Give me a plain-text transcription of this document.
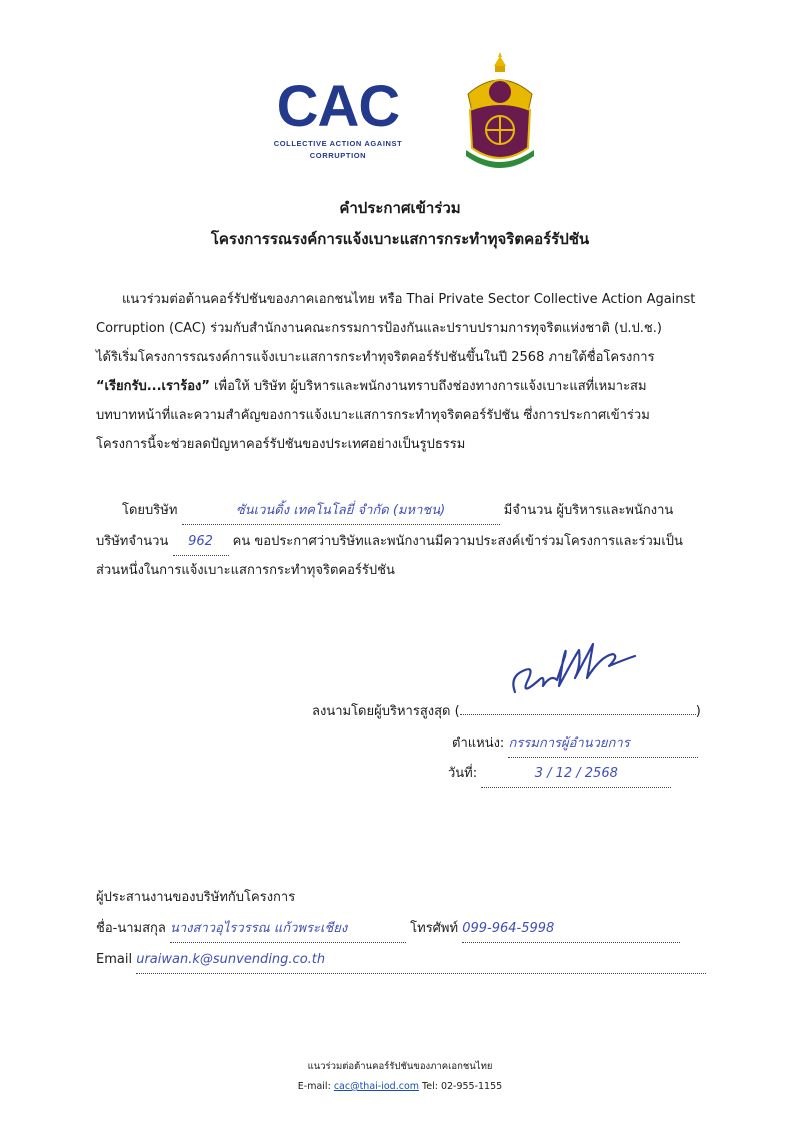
CAC
COLLECTIVE ACTION AGAINST
CORRUPTION
คำประกาศเข้าร่วม
โครงการรณรงค์การแจ้งเบาะแสการกระทำทุจริตคอร์รัปชัน
แนวร่วมต่อต้านคอร์รัปชันของภาคเอกชนไทย หรือ Thai Private Sector Collective Action Against
Corruption (CAC) ร่วมกับสำนักงานคณะกรรมการป้องกันและปราบปรามการทุจริตแห่งชาติ (ป.ป.ช.)
ได้ริเริ่มโครงการรณรงค์การแจ้งเบาะแสการกระทำทุจริตคอร์รัปชันขึ้นในปี 2568 ภายใต้ชื่อโครงการ
“เรียกรับ...เราร้อง” เพื่อให้ บริษัท ผู้บริหารและพนักงานทราบถึงช่องทางการแจ้งเบาะแสที่เหมาะสม
บทบาทหน้าที่และความสำคัญของการแจ้งเบาะแสการกระทำทุจริตคอร์รัปชัน ซึ่งการประกาศเข้าร่วม
โครงการนี้จะช่วยลดปัญหาคอร์รัปชันของประเทศอย่างเป็นรูปธรรม
โดยบริษัท	ซันเวนดิ้ง เทคโนโลยี่ จำกัด (มหาชน)	มีจำนวน ผู้บริหารและพนักงาน
บริษัทจำนวน 962 คน ขอประกาศว่าบริษัทและพนักงานมีความประสงค์เข้าร่วมโครงการและร่วมเป็น
ส่วนหนึ่งในการแจ้งเบาะแสการกระทำทุจริตคอร์รัปชัน
ลงนามโดยผู้บริหารสูงสุด (	)
ตำแหน่ง: กรรมการผู้อำนวยการ
วันที่:	3 / 12 / 2568
ผู้ประสานงานของบริษัทกับโครงการ
ชื่อ-นามสกุล นางสาวอุไรวรรณ แก้วพระเชียง	โทรศัพท์ 099-964-5998
Email uraiwan.k@sunvending.co.th
แนวร่วมต่อต้านคอร์รัปชันของภาคเอกชนไทย
E-mail: cac@thai-iod.com Tel: 02-955-1155
